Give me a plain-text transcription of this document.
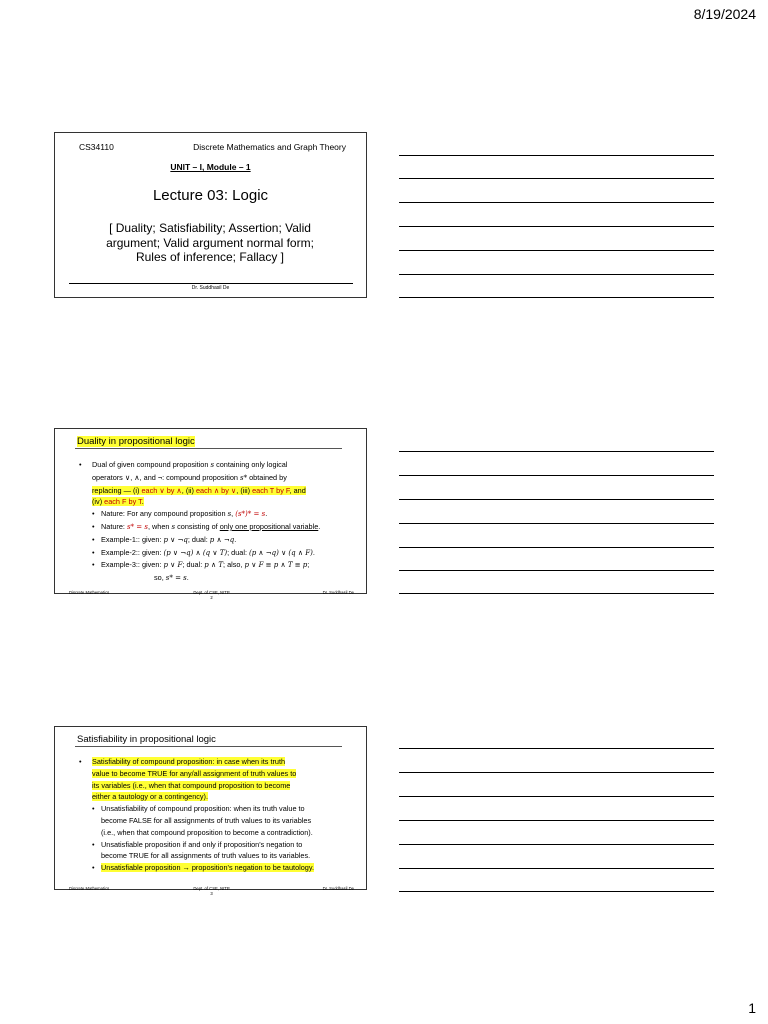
8/19/2024
CS34110	Discrete Mathematics and Graph Theory
UNIT – I, Module – 1
Lecture 03: Logic
[ Duality; Satisfiability; Assertion; Valid
argument; Valid argument normal form;
Rules of inference; Fallacy ]
Dr. Suddhasil De
Duality in propositional logic
• Dual of given compound proposition s containing only logical
operators ∨, ∧, and ¬: compound proposition s* obtained by
replacing — (i) each ∨ by ∧, (ii) each ∧ by ∨, (iii) each T by F, and
(iv) each F by T.
• Nature: For any compound proposition s, (s*)* = s.
• Nature: s* = s, when s consisting of only one propositional variable.
• Example-1:: given: p ∨ ¬q; dual: p ∧ ¬q.
• Example-2:: given: (p ∨ ¬q) ∧ (q ∨ T); dual: (p ∧ ¬q) ∨ (q ∧ F).
• Example-3:: given: p ∨ F; dual: p ∧ T; also, p ∨ F ≡ p ∧ T ≡ p;
so, s* = s.
Discrete Mathematics	Dept. of CSE, NITP
2
Dr. Suddhasil De
Satisfiability in propositional logic
• Satisfiability of compound proposition: in case when its truth
value to become TRUE for any/all assignment of truth values to
its variables (i.e., when that compound proposition to become
either a tautology or a contingency).
• Unsatisfiability of compound proposition: when its truth value to
become FALSE for all assignments of truth values to its variables
(i.e., when that compound proposition to become a contradiction).
• Unsatisfiable proposition if and only if proposition's negation to
become TRUE for all assignments of truth values to its variables.
• Unsatisfiable proposition → proposition's negation to be tautology.
Discrete Mathematics	Dept. of CSE, NITP
3
Dr. Suddhasil De
1
